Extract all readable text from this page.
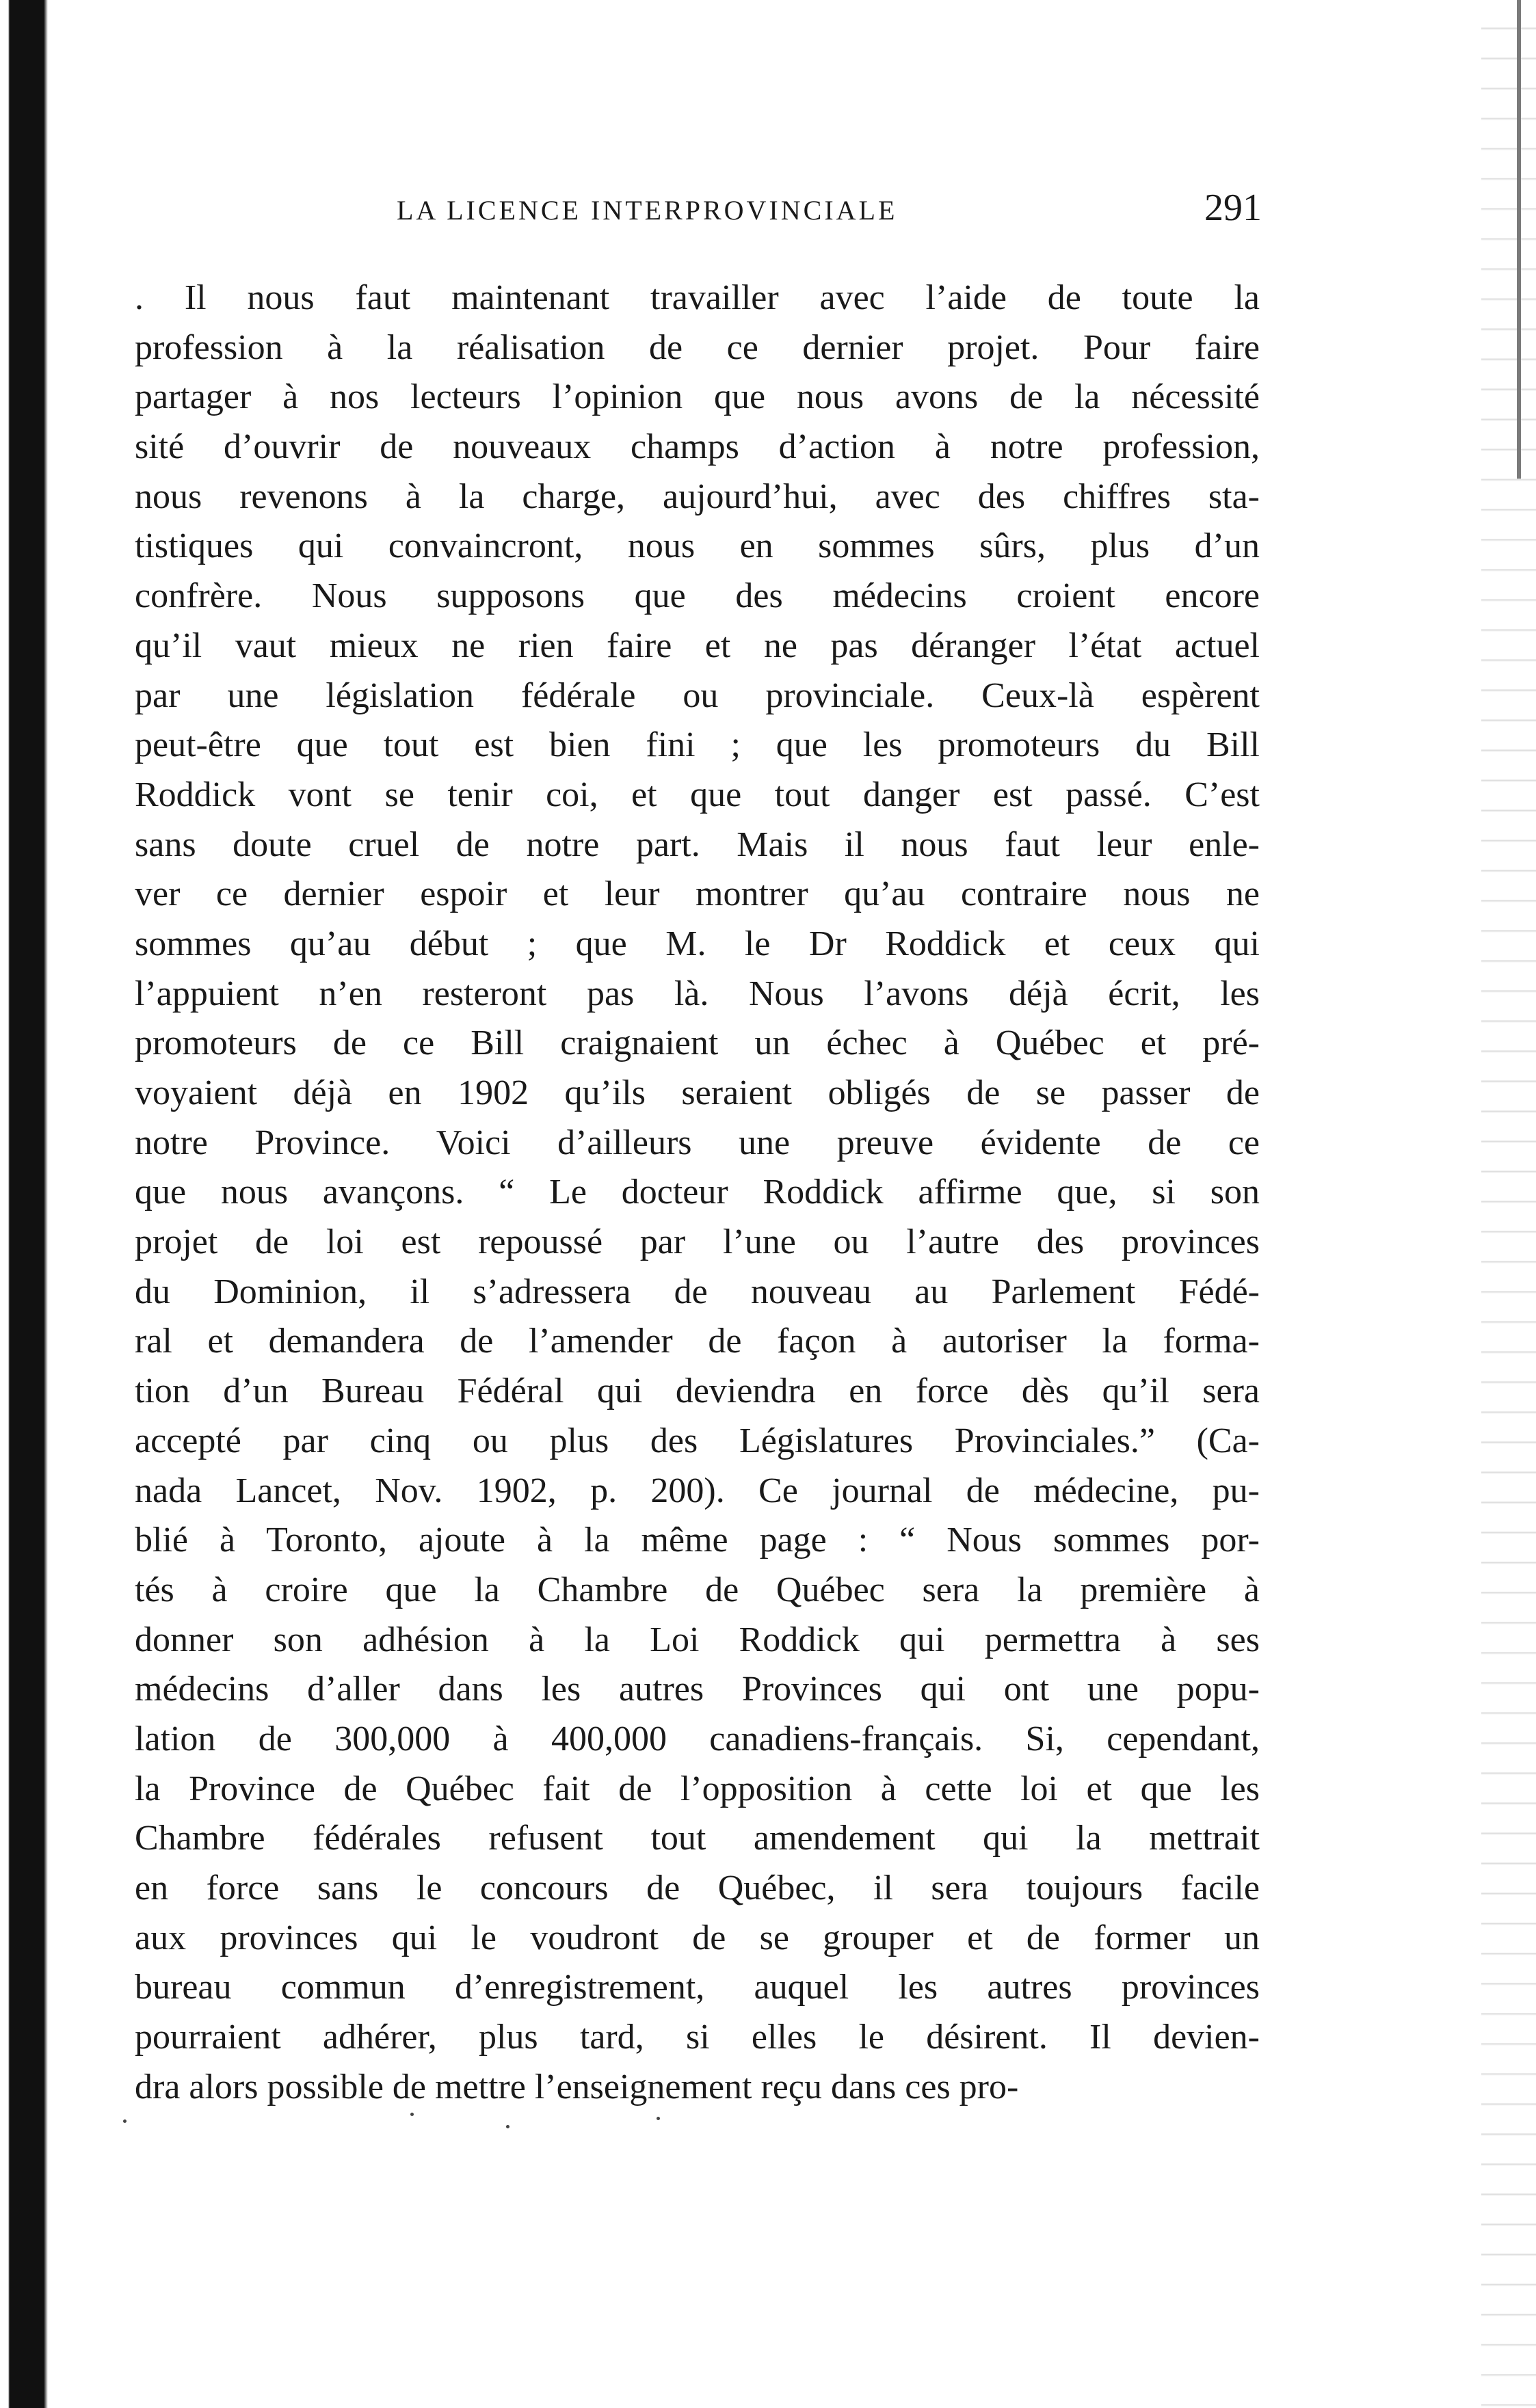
LA LICENCE INTERPROVINCIALE	291
. Il nous faut maintenant travailler avec l’aide de toute la
profession à la réalisation de ce dernier projet. Pour faire
partager à nos lecteurs l’opinion que nous avons de la nécessité
sité d’ouvrir de nouveaux champs d’action à notre profession,
nous revenons à la charge, aujourd’hui, avec des chiffres sta-
tistiques qui convaincront, nous en sommes sûrs, plus d’un
confrère. Nous supposons que des médecins croient encore
qu’il vaut mieux ne rien faire et ne pas déranger l’état actuel
par une législation fédérale ou provinciale. Ceux-là espèrent
peut-être que tout est bien fini ; que les promoteurs du Bill
Roddick vont se tenir coi, et que tout danger est passé. C’est
sans doute cruel de notre part. Mais il nous faut leur enle-
ver ce dernier espoir et leur montrer qu’au contraire nous ne
sommes qu’au début ; que M. le Dr Roddick et ceux qui
l’appuient n’en resteront pas là. Nous l’avons déjà écrit, les
promoteurs de ce Bill craignaient un échec à Québec et pré-
voyaient déjà en 1902 qu’ils seraient obligés de se passer de
notre Province. Voici d’ailleurs une preuve évidente de ce
que nous avançons. “ Le docteur Roddick affirme que, si son
projet de loi est repoussé par l’une ou l’autre des provinces
du Dominion, il s’adressera de nouveau au Parlement Fédé-
ral et demandera de l’amender de façon à autoriser la forma-
tion d’un Bureau Fédéral qui deviendra en force dès qu’il sera
accepté par cinq ou plus des Législatures Provinciales.” (Ca-
nada Lancet, Nov. 1902, p. 200). Ce journal de médecine, pu-
blié à Toronto, ajoute à la même page : “ Nous sommes por-
tés à croire que la Chambre de Québec sera la première à
donner son adhésion à la Loi Roddick qui permettra à ses
médecins d’aller dans les autres Provinces qui ont une popu-
lation de 300,000 à 400,000 canadiens-français. Si, cependant,
la Province de Québec fait de l’opposition à cette loi et que les
Chambre fédérales refusent tout amendement qui la mettrait
en force sans le concours de Québec, il sera toujours facile
aux provinces qui le voudront de se grouper et de former un
bureau commun d’enregistrement, auquel les autres provinces
pourraient adhérer, plus tard, si elles le désirent. Il devien-
dra alors possible de mettre l’enseignement reçu dans ces pro-
